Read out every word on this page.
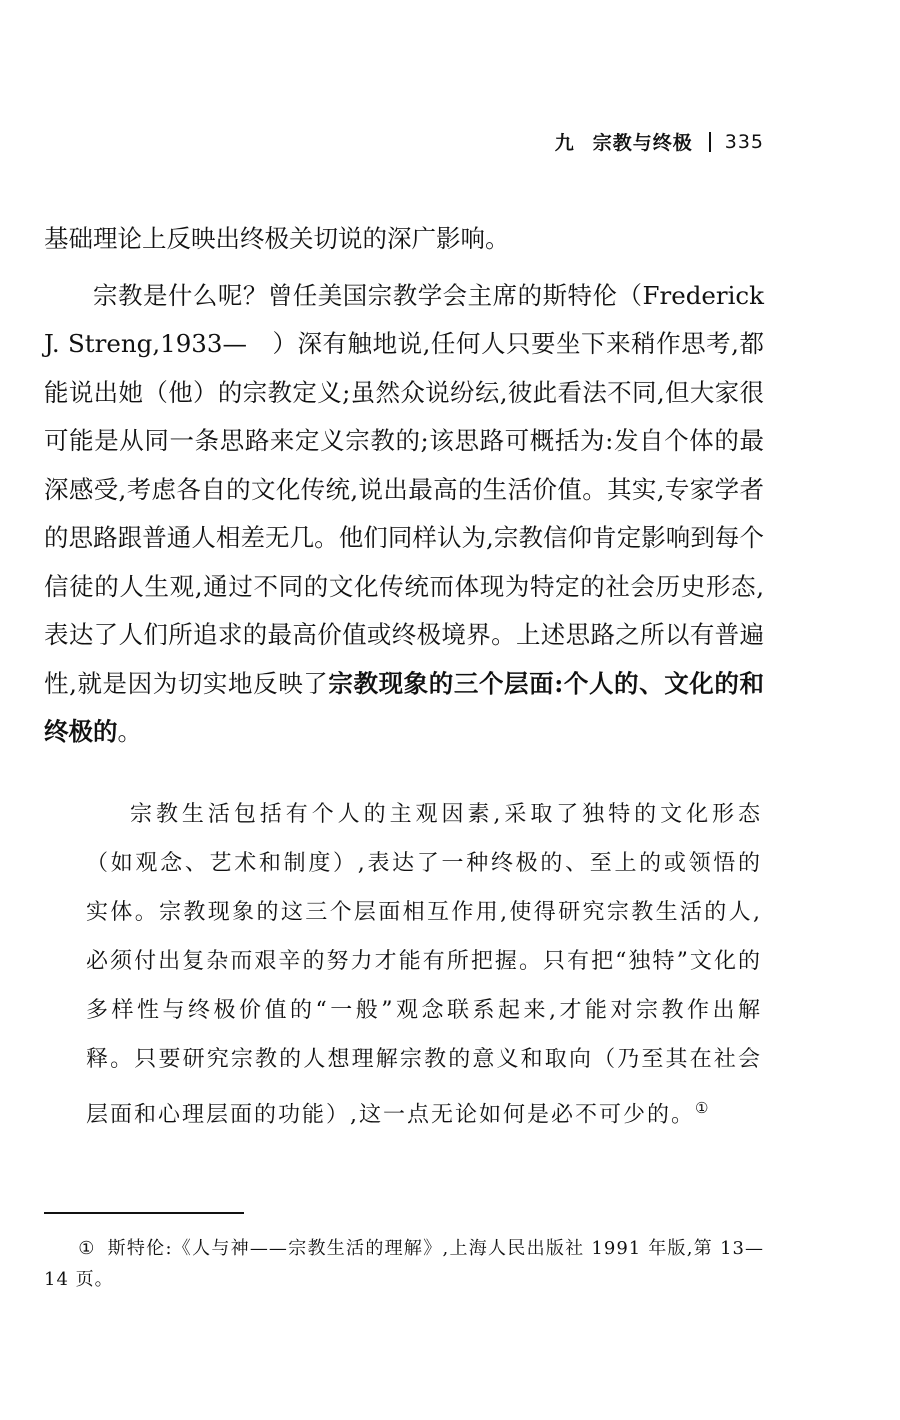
九 宗教与终极 335

基础理论上反映出终极关切说的深广影响。

宗教是什么呢？曾任美国宗教学会主席的斯特伦（Frederick J. Streng,1933—　）深有触地说,任何人只要坐下来稍作思考,都能说出她（他）的宗教定义;虽然众说纷纭,彼此看法不同,但大家很可能是从同一条思路来定义宗教的;该思路可概括为:发自个体的最深感受,考虑各自的文化传统,说出最高的生活价值。其实,专家学者的思路跟普通人相差无几。他们同样认为,宗教信仰肯定影响到每个信徒的人生观,通过不同的文化传统而体现为特定的社会历史形态,表达了人们所追求的最高价值或终极境界。上述思路之所以有普遍性,就是因为切实地反映了宗教现象的三个层面:个人的、文化的和终极的。

宗教生活包括有个人的主观因素,采取了独特的文化形态（如观念、艺术和制度）,表达了一种终极的、至上的或领悟的实体。宗教现象的这三个层面相互作用,使得研究宗教生活的人,必须付出复杂而艰辛的努力才能有所把握。只有把“独特”文化的多样性与终极价值的“一般”观念联系起来,才能对宗教作出解释。只要研究宗教的人想理解宗教的意义和取向（乃至其在社会层面和心理层面的功能）,这一点无论如何是必不可少的。①
① 斯特伦:《人与神——宗教生活的理解》,上海人民出版社 1991 年版,第 13—14 页。
